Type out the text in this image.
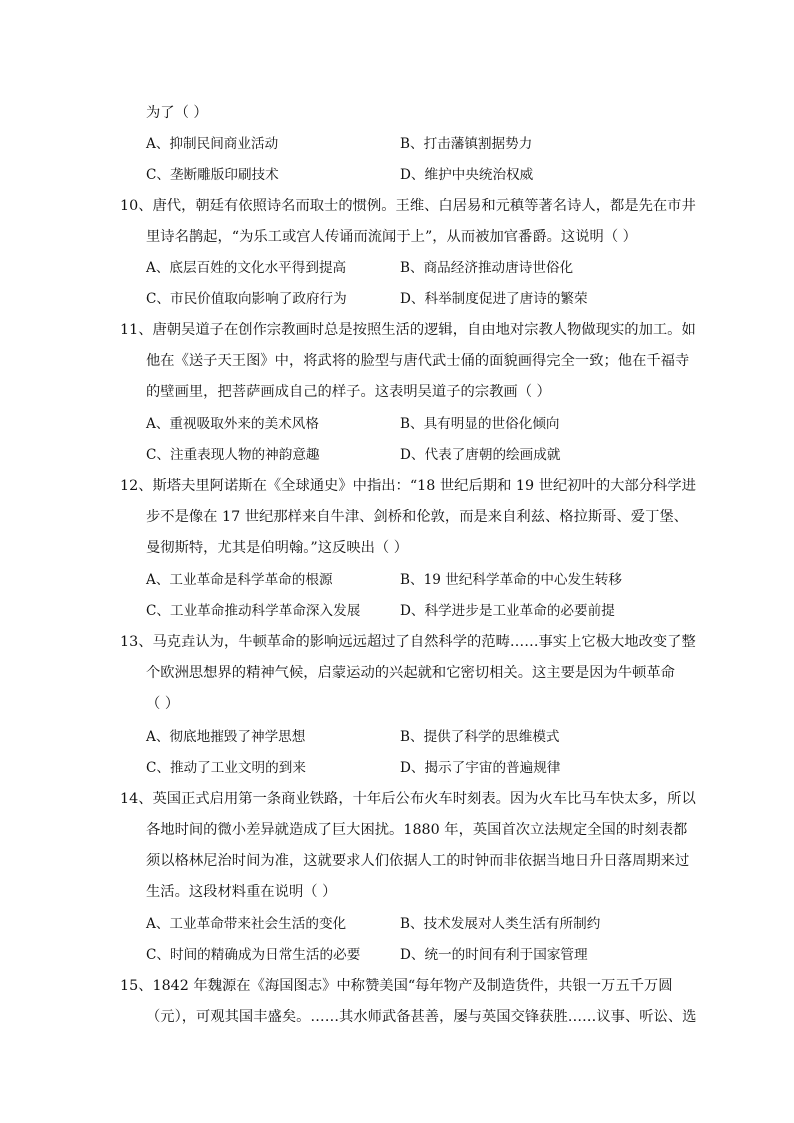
为了（ ）
A、抑制民间商业活动	B、打击藩镇割据势力
C、垄断雕版印刷技术	D、维护中央统治权威
10、唐代，朝廷有依照诗名而取士的惯例。王维、白居易和元稹等著名诗人，都是先在市井
里诗名鹊起，“为乐工或宫人传诵而流闻于上”，从而被加官番爵。这说明（ ）
A、底层百姓的文化水平得到提高	B、商品经济推动唐诗世俗化
C、市民价值取向影响了政府行为	D、科举制度促进了唐诗的繁荣
11、唐朝吴道子在创作宗教画时总是按照生活的逻辑，自由地对宗教人物做现实的加工。如
他在《送子天王图》中，将武将的脸型与唐代武士俑的面貌画得完全一致；他在千福寺
的壁画里，把菩萨画成自己的样子。这表明吴道子的宗教画（ ）
A、重视吸取外来的美术风格	B、具有明显的世俗化倾向
C、注重表现人物的神韵意趣	D、代表了唐朝的绘画成就
12、斯塔夫里阿诺斯在《全球通史》中指出：“18 世纪后期和 19 世纪初叶的大部分科学进
步不是像在 17 世纪那样来自牛津、剑桥和伦敦，而是来自利兹、格拉斯哥、爱丁堡、
曼彻斯特，尤其是伯明翰。”这反映出（ ）
A、工业革命是科学革命的根源	B、19 世纪科学革命的中心发生转移
C、工业革命推动科学革命深入发展	D、科学进步是工业革命的必要前提
13、马克垚认为，牛顿革命的影响远远超过了自然科学的范畴……事实上它极大地改变了整
个欧洲思想界的精神气候，启蒙运动的兴起就和它密切相关。这主要是因为牛顿革命
（ ）
A、彻底地摧毁了神学思想	B、提供了科学的思维模式
C、推动了工业文明的到来	D、揭示了宇宙的普遍规律
14、英国正式启用第一条商业铁路，十年后公布火车时刻表。因为火车比马车快太多，所以
各地时间的微小差异就造成了巨大困扰。1880 年，英国首次立法规定全国的时刻表都
须以格林尼治时间为准，这就要求人们依据人工的时钟而非依据当地日升日落周期来过
生活。这段材料重在说明（ ）
A、工业革命带来社会生活的变化	B、技术发展对人类生活有所制约
C、时间的精确成为日常生活的必要	D、统一的时间有利于国家管理
15、1842 年魏源在《海国图志》中称赞美国“每年物产及制造货件，共银一万五千万圆
（元），可观其国丰盛矣。……其水师武备甚善，屡与英国交锋获胜……议事、听讼、选
